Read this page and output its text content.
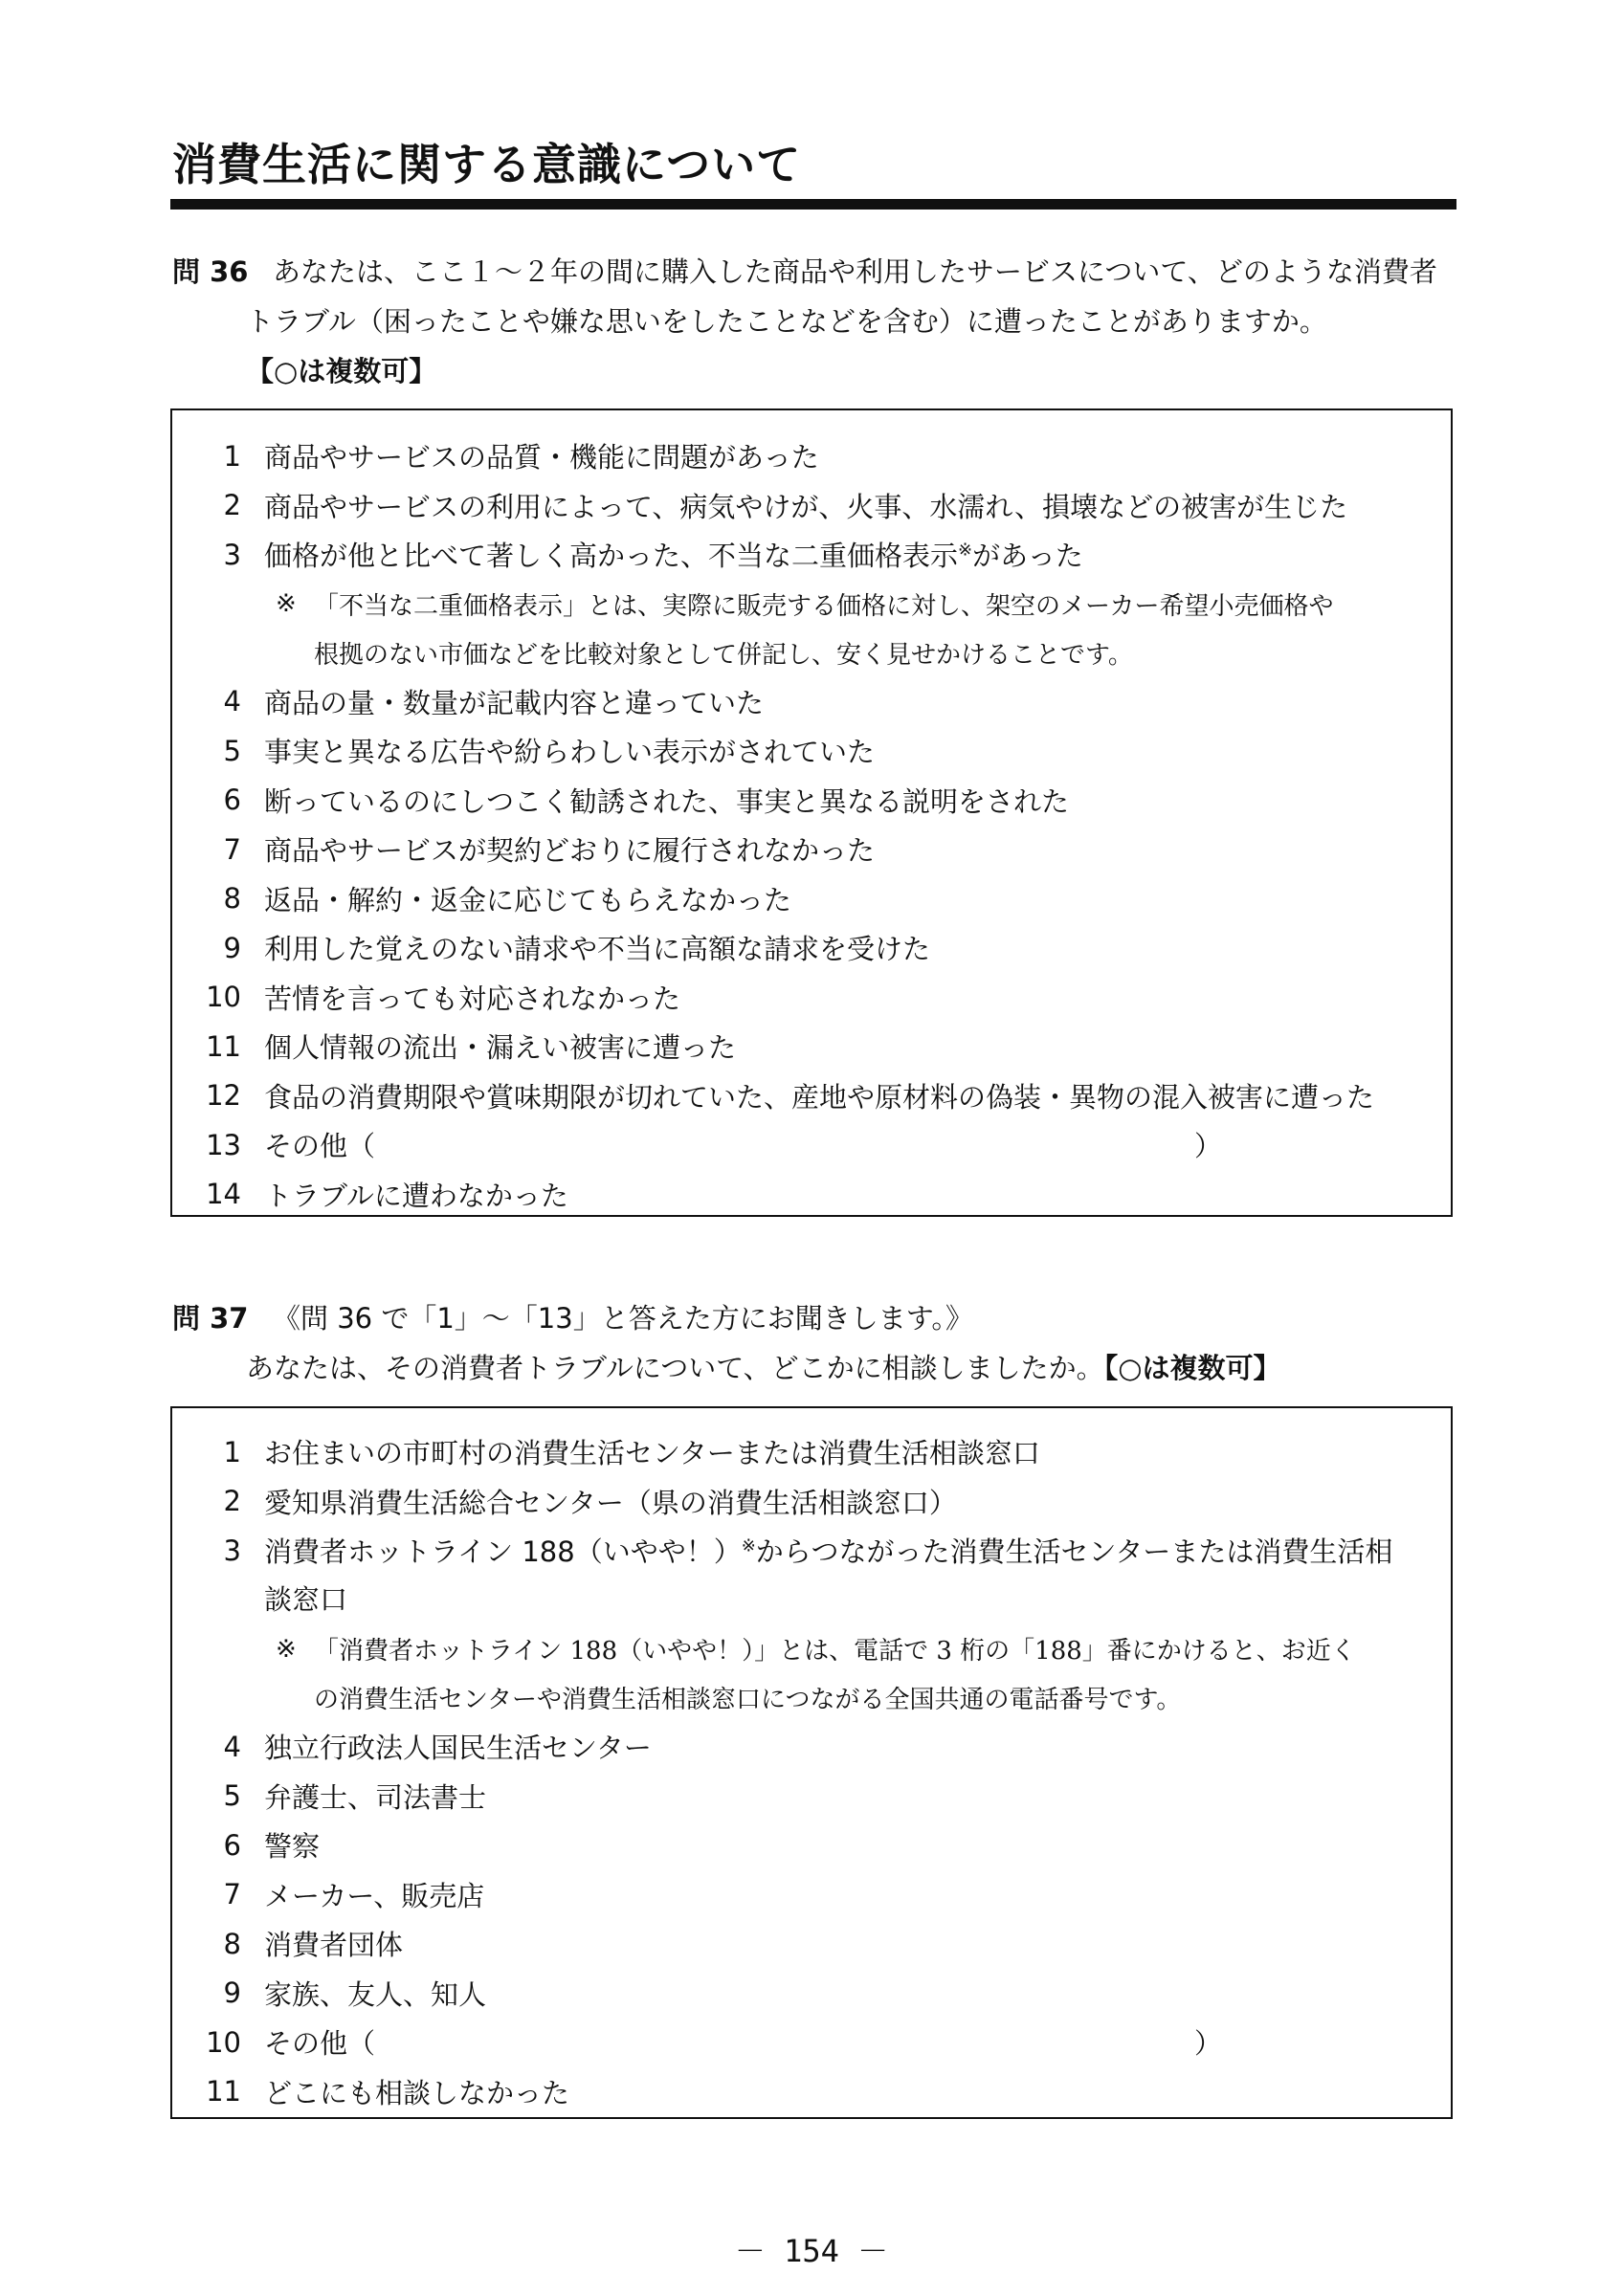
消費生活に関する意識について
問 36 あなたは、ここ１～２年の間に購入した商品や利用したサービスについて、どのような消費者
トラブル（困ったことや嫌な思いをしたことなどを含む）に遭ったことがありますか。
【○は複数可】
1 商品やサービスの品質・機能に問題があった
2 商品やサービスの利用によって、病気やけが、火事、水濡れ、損壊などの被害が生じた
3 価格が他と比べて著しく高かった、不当な二重価格表示※があった
※ 「不当な二重価格表示」とは、実際に販売する価格に対し、架空のメーカー希望小売価格や
根拠のない市価などを比較対象として併記し、安く見せかけることです。
4 商品の量・数量が記載内容と違っていた
5 事実と異なる広告や紛らわしい表示がされていた
6 断っているのにしつこく勧誘された、事実と異なる説明をされた
7 商品やサービスが契約どおりに履行されなかった
8 返品・解約・返金に応じてもらえなかった
9 利用した覚えのない請求や不当に高額な請求を受けた
10 苦情を言っても対応されなかった
11 個人情報の流出・漏えい被害に遭った
12 食品の消費期限や賞味期限が切れていた、産地や原材料の偽装・異物の混入被害に遭った
13 その他（	）
14 トラブルに遭わなかった
問 37 《問 36 で「1」～「13」と答えた方にお聞きします。》
あなたは、その消費者トラブルについて、どこかに相談しましたか。【○は複数可】
1 お住まいの市町村の消費生活センターまたは消費生活相談窓口
2 愛知県消費生活総合センター（県の消費生活相談窓口）
3 消費者ホットライン 188（いやや！）※からつながった消費生活センターまたは消費生活相
談窓口
※ 「消費者ホットライン 188（いやや！）」とは、電話で 3 桁の「188」番にかけると、お近く
の消費生活センターや消費生活相談窓口につながる全国共通の電話番号です。
4 独立行政法人国民生活センター
5 弁護士、司法書士
6 警察
7 メーカー、販売店
8 消費者団体
9 家族、友人、知人
10 その他（	）
11 どこにも相談しなかった
－ 154 －
